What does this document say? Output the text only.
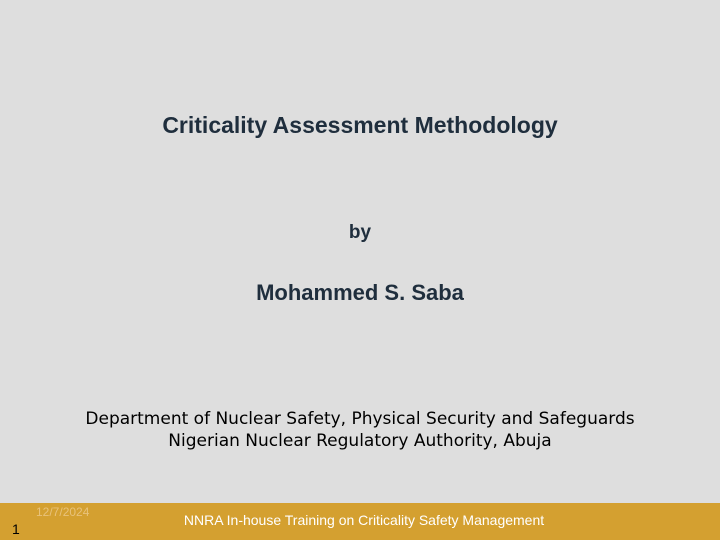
Criticality Assessment Methodology
by
Mohammed S. Saba
Department of Nuclear Safety, Physical Security and Safeguards
Nigerian Nuclear Regulatory Authority, Abuja
12/7/2024	NNRA In-house Training on Criticality Safety Management
1
